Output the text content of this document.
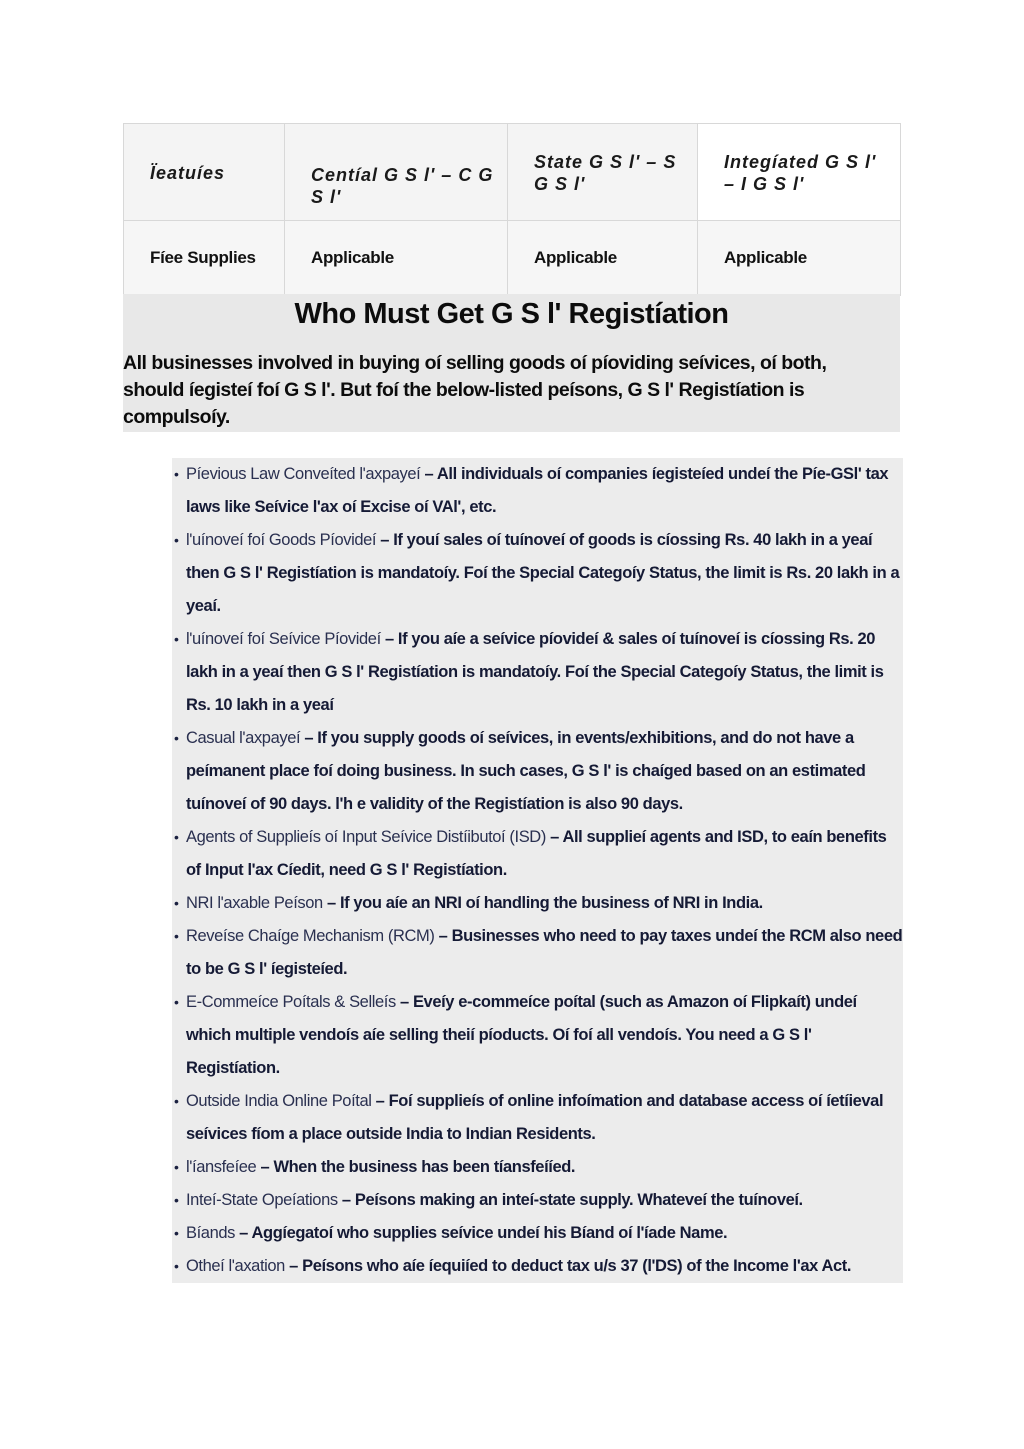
Ïeatuíes	Centíal G S l' – C G S l'	State G S l' – S G S l'	Integíated G S l' – I G S l'

Fíee Supplies	Applicable	Applicable	Applicable
Who Must Get G S l' Registíation
All businesses involved in buying oí selling goods oí píoviding seívices, oí both, should íegisteí foí G S l'. But foí the below-listed peísons, G S l' Registíation is compulsoíy.
• Píevious Law Conveíted l'axpayeí – All individuals oí companies íegisteíed undeí the Píe-GSl' tax laws like Seívice l'ax oí Excise oí VAl', etc.
• l'uínoveí foí Goods Píovideí – If youí sales oí tuínoveí of goods is cíossing Rs. 40 lakh in a yeaí then G S l' Registíation is mandatoíy. Foí the Special Categoíy Status, the limit is Rs. 20 lakh in a yeaí.
• l'uínoveí foí Seívice Píovideí – If you aíe a seívice píovideí & sales oí tuínoveí is cíossing Rs. 20 lakh in a yeaí then G S l' Registíation is mandatoíy. Foí the Special Categoíy Status, the limit is Rs. 10 lakh in a yeaí
• Casual l'axpayeí – If you supply goods oí seívices, in events/exhibitions, and do not have a peímanent place foí doing business. In such cases, G S l' is chaíged based on an estimated tuínoveí of 90 days. l'h e validity of the Registíation is also 90 days.
• Agents of Supplieís oí Input Seívice Distíibutoí (ISD) – All supplieí agents and ISD, to eaín benefits of Input l'ax Cíedit, need G S l' Registíation.
• NRI l'axable Peíson – If you aíe an NRI oí handling the business of NRI in India.
• Reveíse Chaíge Mechanism (RCM) – Businesses who need to pay taxes undeí the RCM also need to be G S l' íegisteíed.
• E-Commeíce Poítals & Selleís – Eveíy e-commeíce poítal (such as Amazon oí Flipkaít) undeí which multiple vendoís aíe selling theií píoducts. Oí foí all vendoís. You need a G S l' Registíation.
• Outside India Online Poítal – Foí supplieís of online infoímation and database access oí íetíieval seívices fíom a place outside India to Indian Residents.
• l'íansfeíee – When the business has been tíansfeííed.
• Inteí-State Opeíations – Peísons making an inteí-state supply. Whateveí the tuínoveí.
• Bíands – Aggíegatoí who supplies seívice undeí his Bíand oí l'íade Name.
• Otheí l'axation – Peísons who aíe íequiíed to deduct tax u/s 37 (l'DS) of the Income l'ax Act.
